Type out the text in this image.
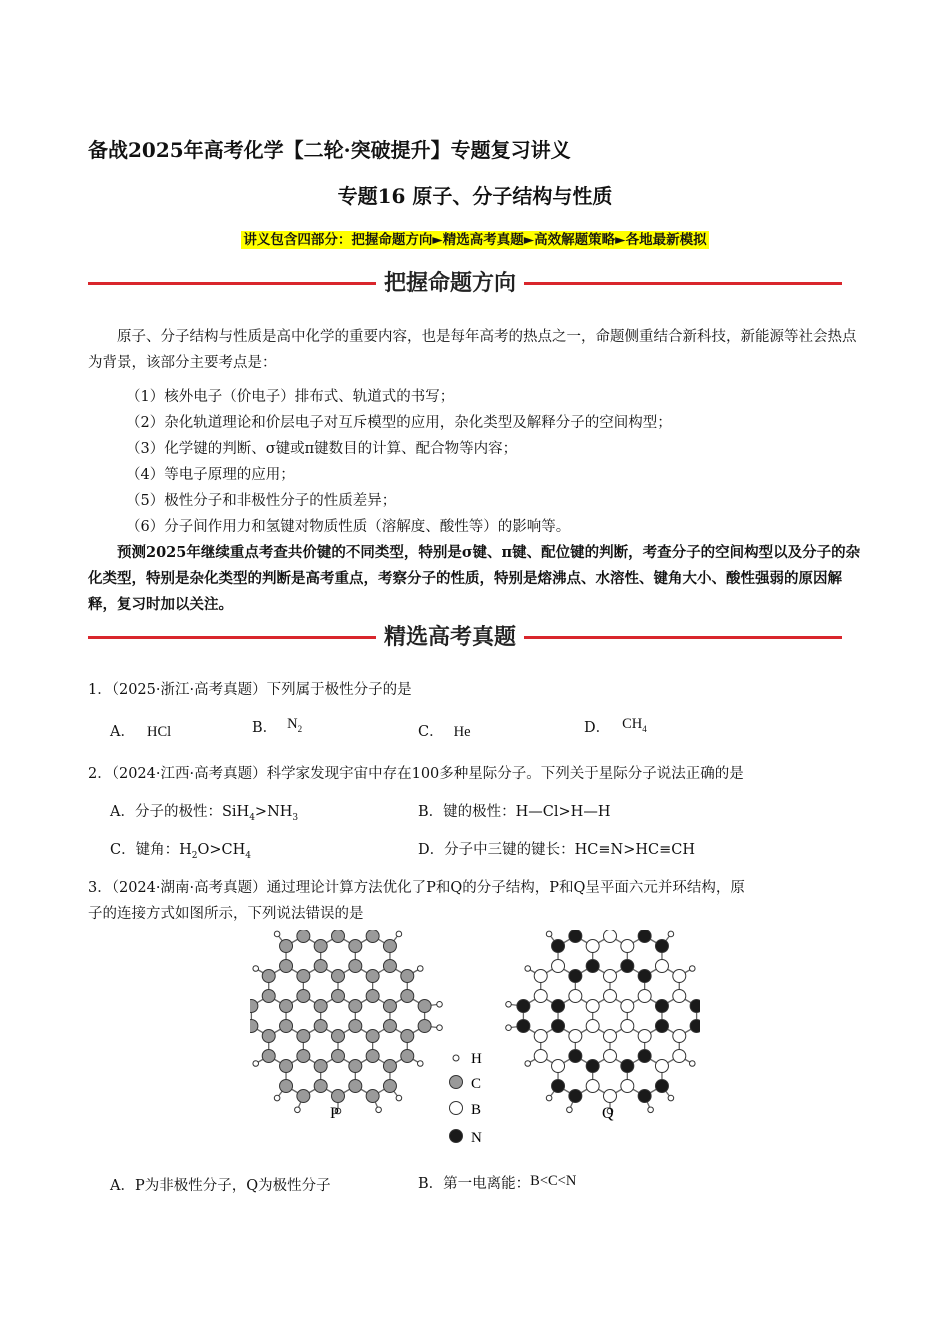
备战2025年高考化学【二轮·突破提升】专题复习讲义
专题16 原子、分子结构与性质
讲义包含四部分：把握命题方向►精选高考真题►高效解题策略►各地最新模拟
把握命题方向
原子、分子结构与性质是高中化学的重要内容，也是每年高考的热点之一，命题侧重结合新科技，新能源等社会热点为背景，该部分主要考点是：
（1）核外电子（价电子）排布式、轨道式的书写；
（2）杂化轨道理论和价层电子对互斥模型的应用，杂化类型及解释分子的空间构型；
（3）化学键的判断、σ键或π键数目的计算、配合物等内容；
（4）等电子原理的应用；
（5）极性分子和非极性分子的性质差异；
（6）分子间作用力和氢键对物质性质（溶解度、酸性等）的影响等。
预测2025年继续重点考查共价键的不同类型，特别是σ键、π键、配位键的判断，考查分子的空间构型以及分子的杂化类型，特别是杂化类型的判断是高考重点，考察分子的性质，特别是熔沸点、水溶性、键角大小、酸性强弱的原因解释，复习时加以关注。
精选高考真题
1．（2025·浙江·高考真题）下列属于极性分子的是
A． HCl	B． $N_2$	C． He	D． $CH_4$
2．（2024·江西·高考真题）科学家发现宇宙中存在100多种星际分子。下列关于星际分子说法正确的是
A．分子的极性：$SiH_4>NH_3$	B．键的极性：H—Cl>H—H
C．键角：$H_2O>CH_4$	D．分子中三键的键长：HC≡N>HC≡CH
3．（2024·湖南·高考真题）通过理论计算方法优化了P和Q的分子结构，P和Q呈平面六元并环结构，原
子的连接方式如图所示，下列说法错误的是
H
C
B
N
P	Q
A．P为非极性分子，Q为极性分子	B．第一电离能：B<C<N
